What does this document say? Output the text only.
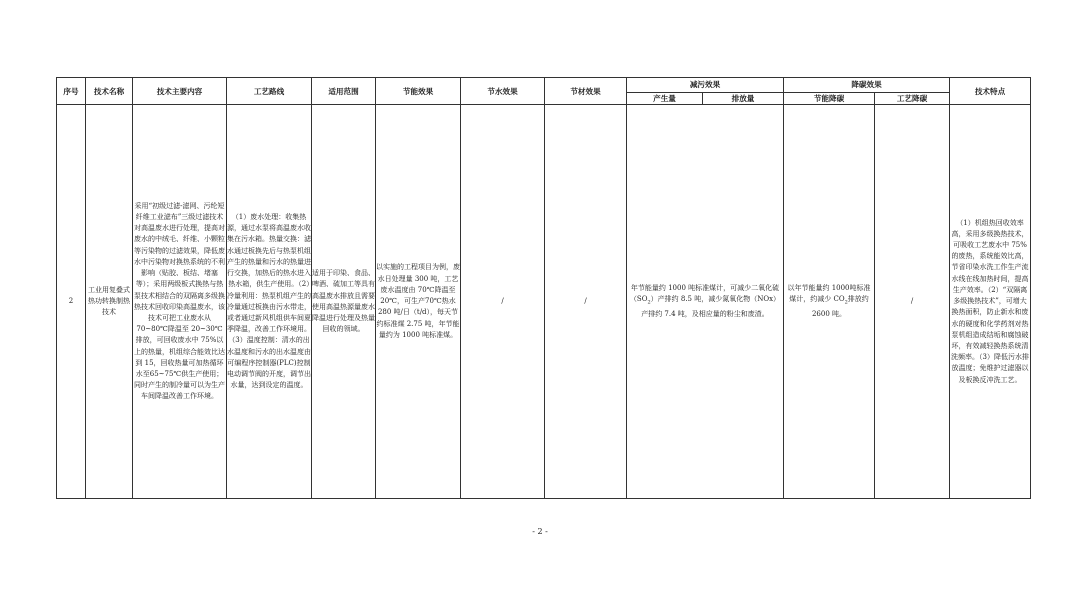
序号	技术名称	技术主要内容	工艺路线	适用范围	节能效果	节水效果	节材效果	减污效果		降碳效果		技术特点
								产生量	排放量	节能降碳	工艺降碳	
2	工业用复叠式热功转换制热技术	采用“初级过滤-滤网、污纶短纤维工业滤布”三级过滤技术对高温废水进行处理，提高对废水的中绒毛、纤维、小颗粒等污染物的过滤效果，降低废水中污染物对换热系统的不利影响（贴胶、板结、堵塞等）；采用两级板式换热与热泵技术相结合的双隔离多级换热技术回收印染高温废水，该技术可把工业废水从 70~80℃降温至 20~30℃排放，可回收废水中 75%以上的热量，机组综合能效比达到 15，回收热量可加热循环水至65~75℃供生产使用；同时产生的制冷量可以为生产车间降温改善工作环境。	（1）废水处理：收集热源，通过水泵将高温废水收集在污水箱。热量交换：滤水通过板换先后与热泵机组产生的热量和污水的热量进行交换，加热后的热水进入热水箱，供生产使用。（2）冷量利用：热泵机组产生的冷量通过板换由污水带走，或者通过新风机组供车间夏季降温，改善工作环境用。（3）温度控制：清水的出水温度和污水的出水温度由可编程序控制器(PLC)控制电动调节阀的开度，调节出水量，达到设定的温度。	适用于印染、食品、啤酒、硫加工等具有高温废水排放且需要使用高温热源量废水降温进行处理及热量回收的领域。	以实施的工程项目为例，废水日处理量 300 吨，工艺废水温度由 70℃降温至 20℃，可生产70℃热水 280 吨/日（t/d），每天节约标准煤 2.75 吨，年节能量约为 1000 吨标准煤。	/	/	年节能量约 1000 吨标准煤计，可减少二氧化硫$(SO_2)$产排约 8.5 吨，减少氮氧化物（NOx）产排约 7.4 吨，及相应量的粉尘和废渣。		以年节能量约 1000吨标准煤计，约减少 $CO_2$排放约 2600 吨。	/	（1）机组热回收效率高，采用多级换热技术，可吸收工艺废水中 75%的废热，系统能效比高，节省印染水洗工作生产流水线在线加热时间，提高生产效率。（2）“双隔离多级换热技术”，可增大换热面积，防止新水和废水的硬度和化学药剂对热泵机组造成结垢和腐蚀破坏，有效减轻换热系统清洗频率。（3）降低污水排放温度；免维护过滤器以及板换反冲洗工艺。
- 2 -
